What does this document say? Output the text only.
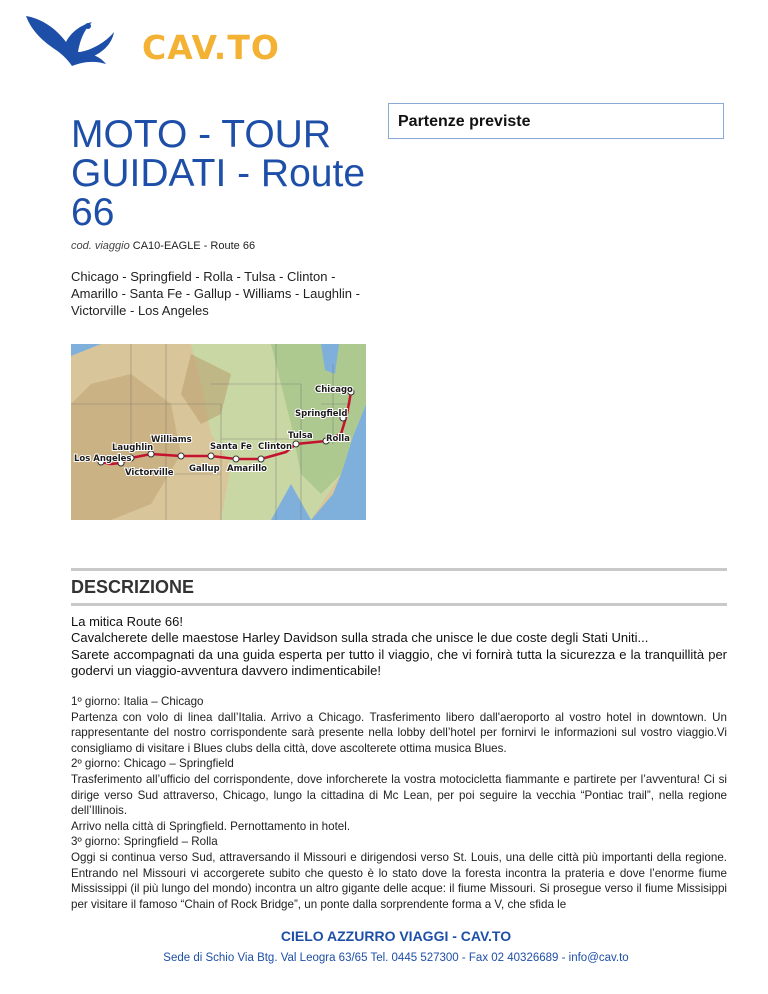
CAV.TO
MOTO - TOUR GUIDATI - Route 66
Partenze previste
cod. viaggio CA10-EAGLE - Route 66
Chicago - Springfield - Rolla - Tulsa - Clinton - Amarillo - Santa Fe - Gallup - Williams - Laughlin - Victorville - Los Angeles
Chicago
Springfield
Rolla
Tulsa
Clinton
Amarillo
Santa Fe
Gallup
Williams
Laughlin
Victorville
Los Angeles
DESCRIZIONE

La mitica Route 66!

Cavalcherete delle maestose Harley Davidson sulla strada che unisce le due coste degli Stati Uniti...

Sarete accompagnati da una guida esperta per tutto il viaggio, che vi fornirà tutta la sicurezza e la tranquillità per godervi un viaggio-avventura davvero indimenticabile!

1º giorno: Italia – Chicago

Partenza con volo di linea dall’Italia. Arrivo a Chicago. Trasferimento libero dall'aeroporto al vostro hotel in downtown. Un rappresentante del nostro corrispondente sarà presente nella lobby dell’hotel per fornirvi le informazioni sul vostro viaggio.Vi consigliamo di visitare i Blues clubs della città, dove ascolterete ottima musica Blues.

2º giorno: Chicago – Springfield

Trasferimento all’ufficio del corrispondente, dove inforcherete la vostra motocicletta fiammante e partirete per l’avventura! Ci si dirige verso Sud attraverso, Chicago, lungo la cittadina di Mc Lean, per poi seguire la vecchia “Pontiac trail”, nella regione dell’Illinois.

Arrivo nella città di Springfield. Pernottamento in hotel.

3º giorno: Springfield – Rolla

Oggi si continua verso Sud, attraversando il Missouri e dirigendosi verso St. Louis, una delle città più importanti della regione. Entrando nel Missouri vi accorgerete subito che questo è lo stato dove la foresta incontra la prateria e dove l’enorme fiume Mississippi (il più lungo del mondo) incontra un altro gigante delle acque: il fiume Missouri. Si prosegue verso il fiume Missisippi per visitare il famoso “Chain of Rock Bridge”, un ponte dalla sorprendente forma a V, che sfida le

CIELO AZZURRO VIAGGI - CAV.TO
Sede di Schio Via Btg. Val Leogra 63/65 Tel. 0445 527300 - Fax 02 40326689 - info@cav.to
